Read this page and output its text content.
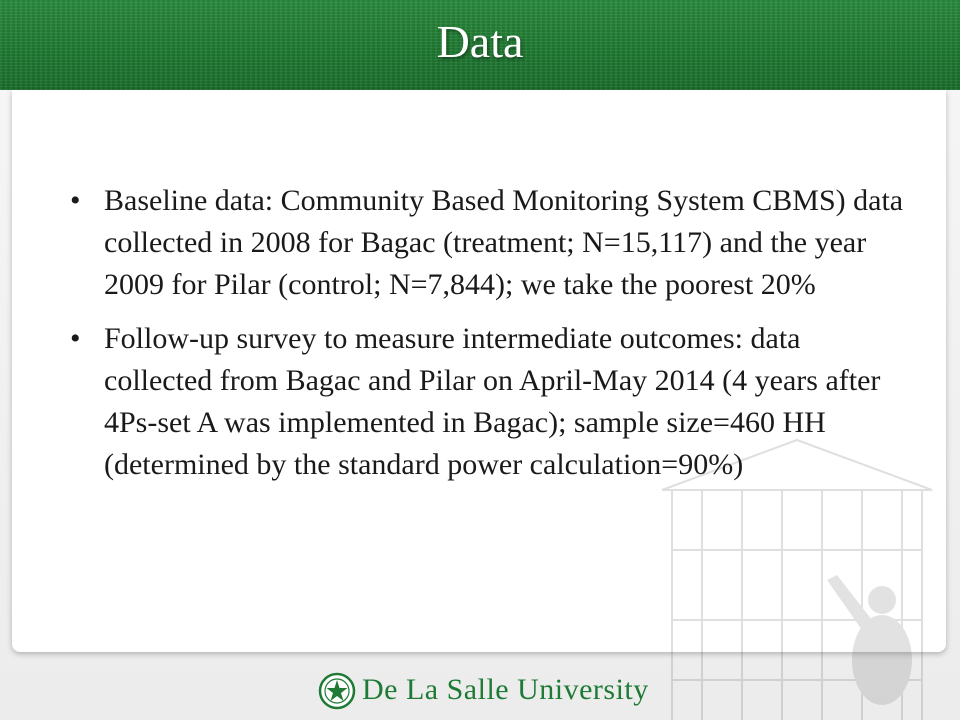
Data
• Baseline data: Community Based Monitoring System CBMS) data collected in 2008 for Bagac (treatment; N=15,117) and the year 2009 for Pilar (control; N=7,844); we take the poorest 20%
• Follow-up survey to measure intermediate outcomes: data collected from Bagac and Pilar on April-May 2014 (4 years after 4Ps-set A was implemented in Bagac); sample size=460 HH (determined by the standard power calculation=90%)
De La Salle University
